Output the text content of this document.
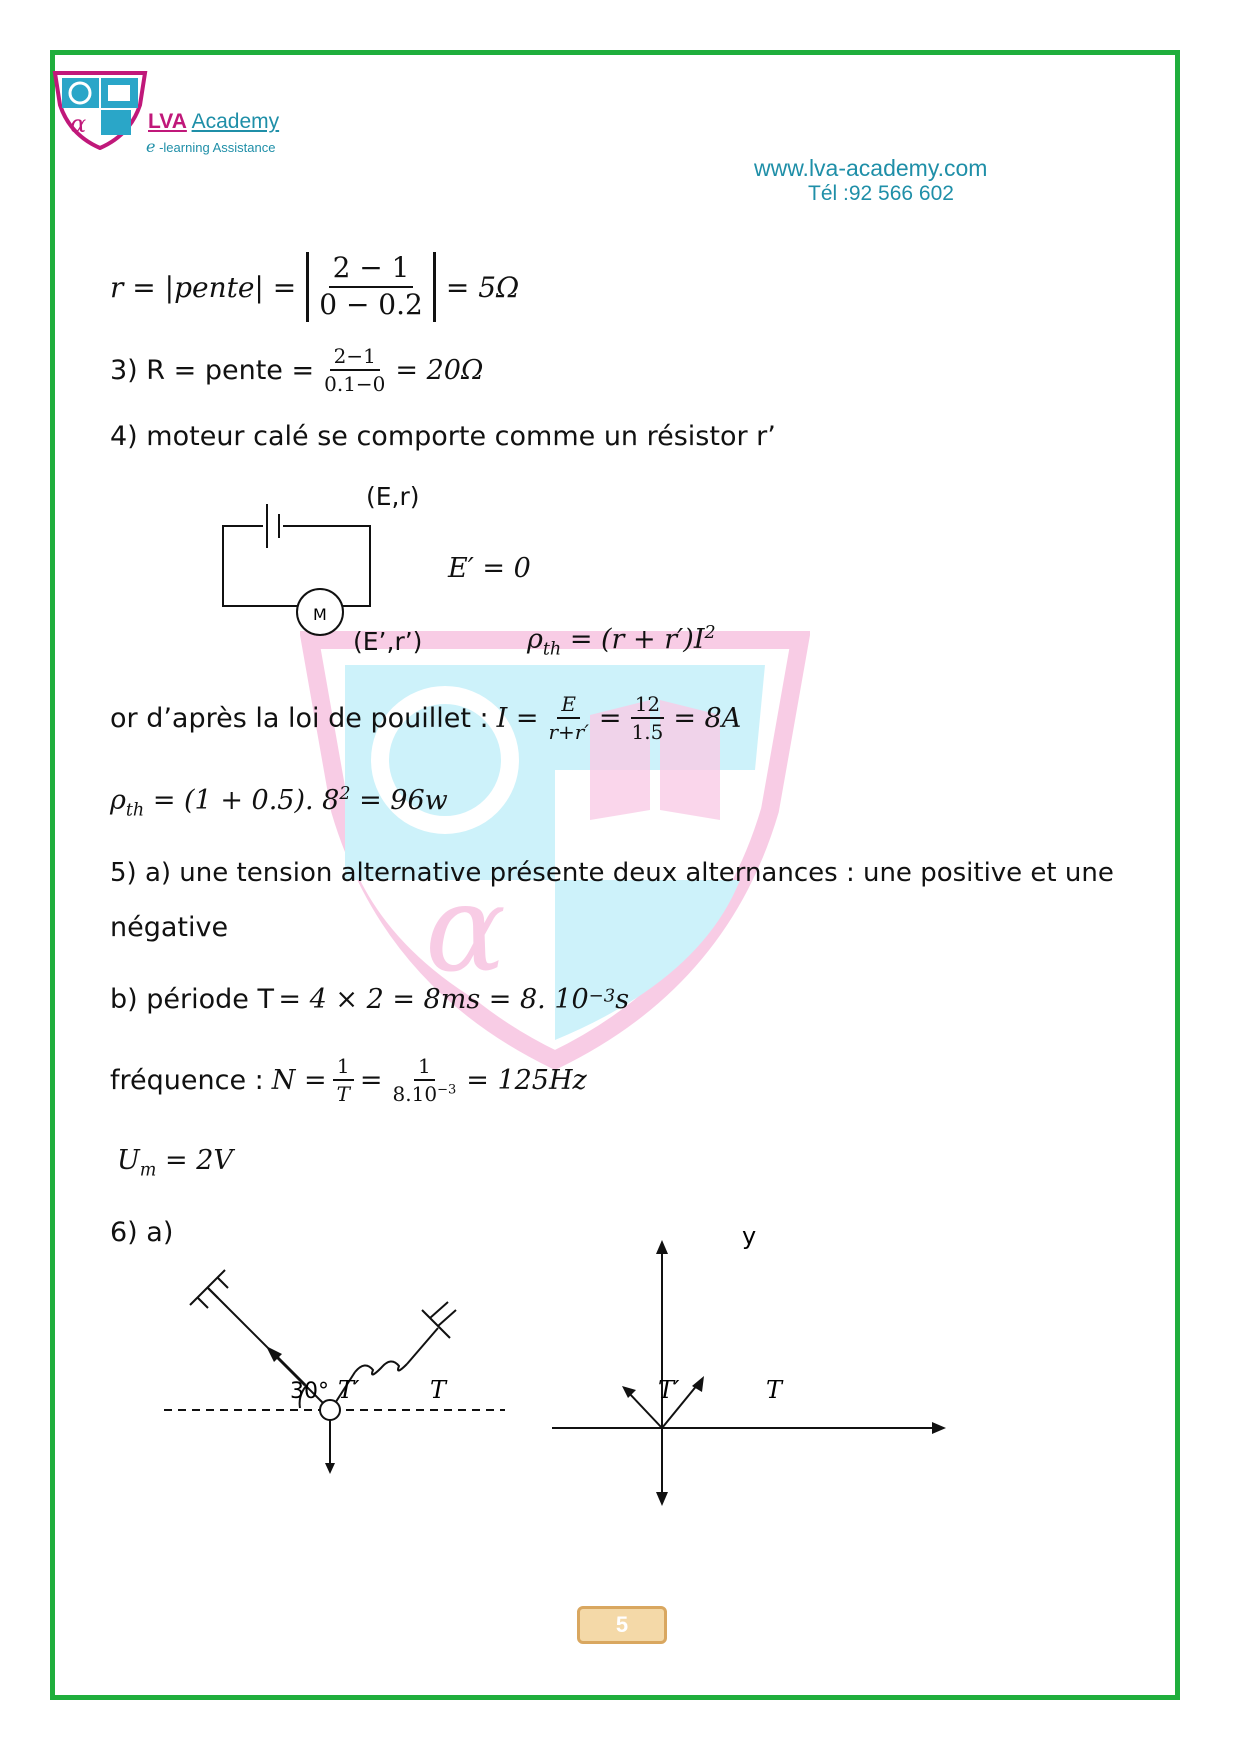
α
α	LVA Academy
e -learning Assistance
www.lva-academy.com
Tél :92 566 602
r = |pente| = $\frac{2 - 1}{0 - 0.2} = 5\Omega$
3) R = pente = $\frac{2-1}{0.1-0} = 20\Omega$
4) moteur calé se comporte comme un résistor r’
M
(E,r)
E′ = 0
(E’,r’)	$\rho_{th} = (r + r')I^2$
or d’après la loi de pouillet : $I = \frac{E}{r+r'} = \frac{12}{1.5} = 8A$
$\rho_{th} = (1 + 0.5)$. $8^2 = 96w$
5) a) une tension alternative présente deux alternances : une positive et une
négative
b) période T = 4 × 2 = 8ms = 8. $10^{-3}s$
fréquence : $N = \frac{1}{T} = \frac{1}{8.10^{-3}} = 125Hz$
$U_m = 2V$
6) a)
30° T′	T
y
T′	T
5
